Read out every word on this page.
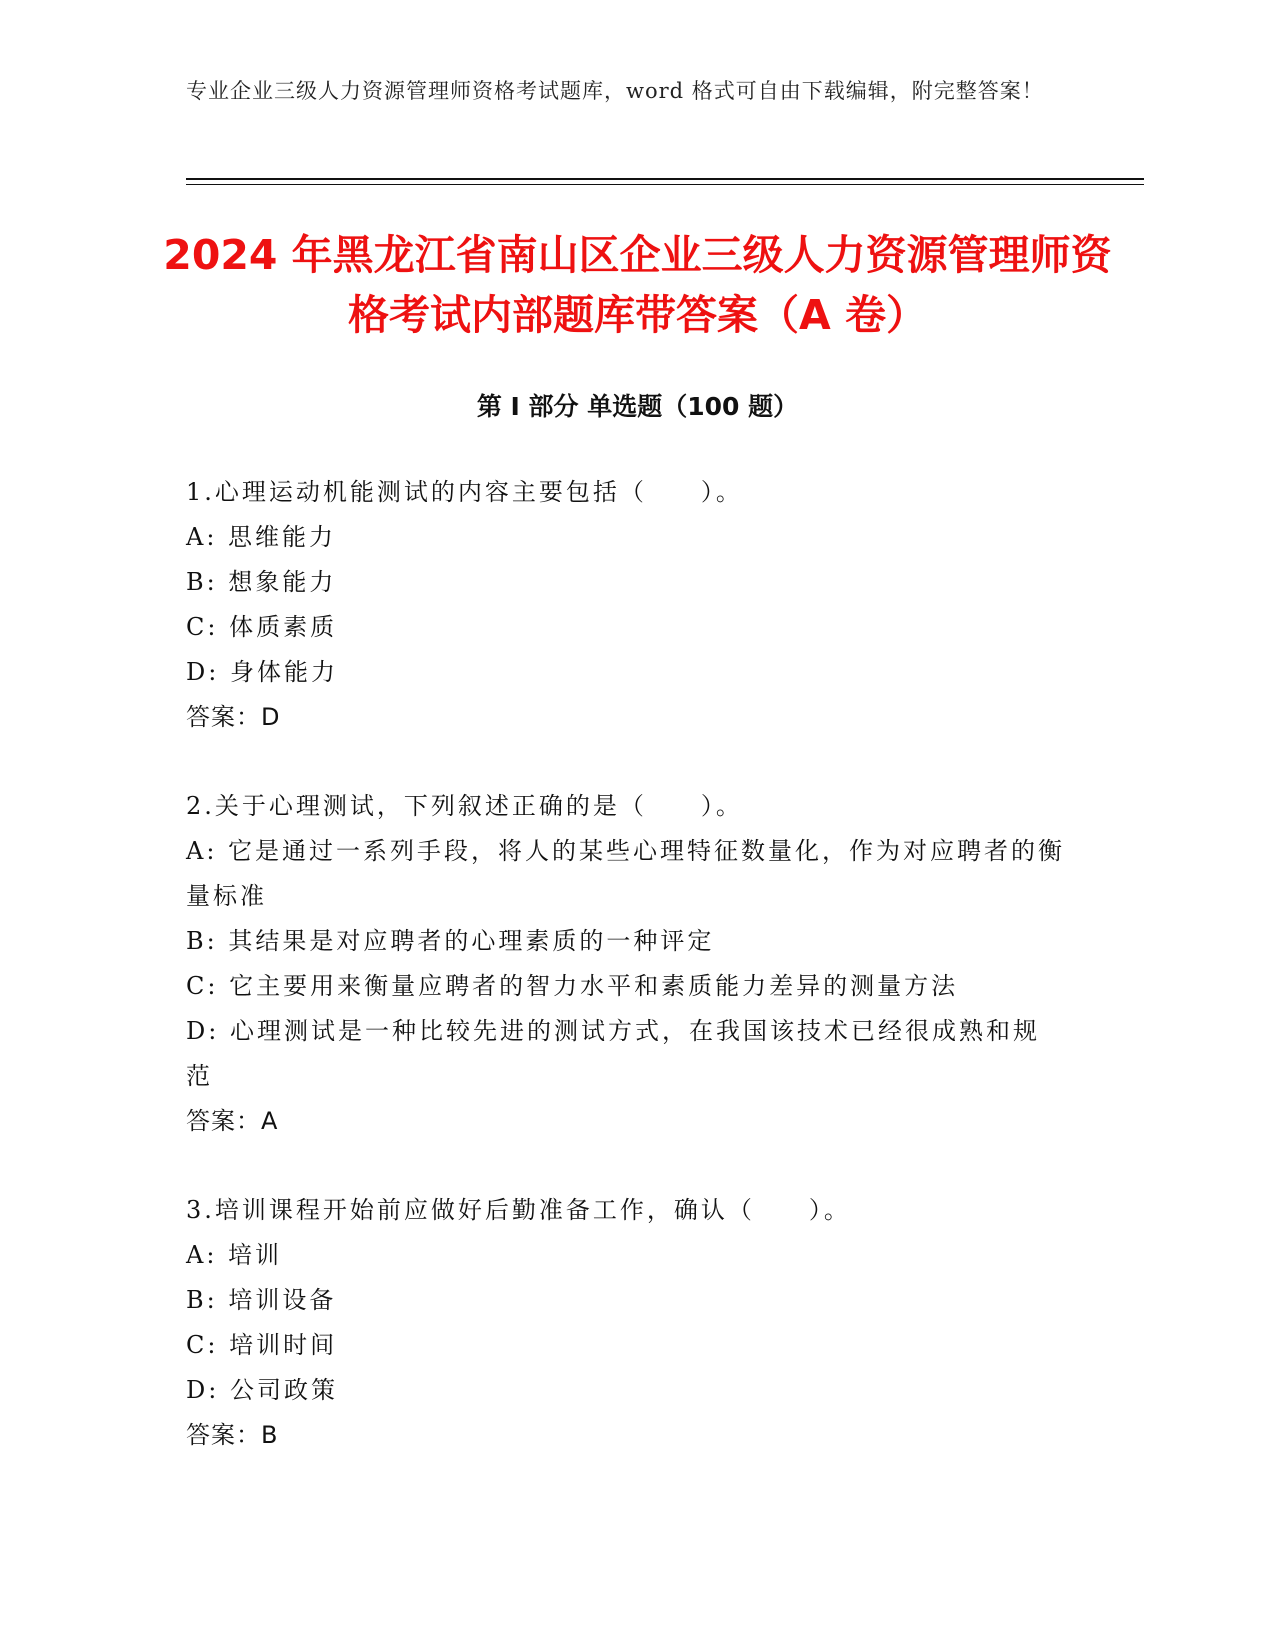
专业企业三级人力资源管理师资格考试题库，word 格式可自由下载编辑，附完整答案！
2024 年黑龙江省南山区企业三级人力资源管理师资格考试内部题库带答案（A 卷）
第 I 部分 单选题（100 题）

1.心理运动机能测试的内容主要包括（　　）。

A: 思维能力

B: 想象能力

C: 体质素质

D: 身体能力

答案：D

2.关于心理测试，下列叙述正确的是（　　）。

A: 它是通过一系列手段，将人的某些心理特征数量化，作为对应聘者的衡量标准

B: 其结果是对应聘者的心理素质的一种评定

C: 它主要用来衡量应聘者的智力水平和素质能力差异的测量方法

D: 心理测试是一种比较先进的测试方式，在我国该技术已经很成熟和规范

答案：A

3.培训课程开始前应做好后勤准备工作，确认（　　）。

A: 培训

B: 培训设备

C: 培训时间

D: 公司政策

答案：B
